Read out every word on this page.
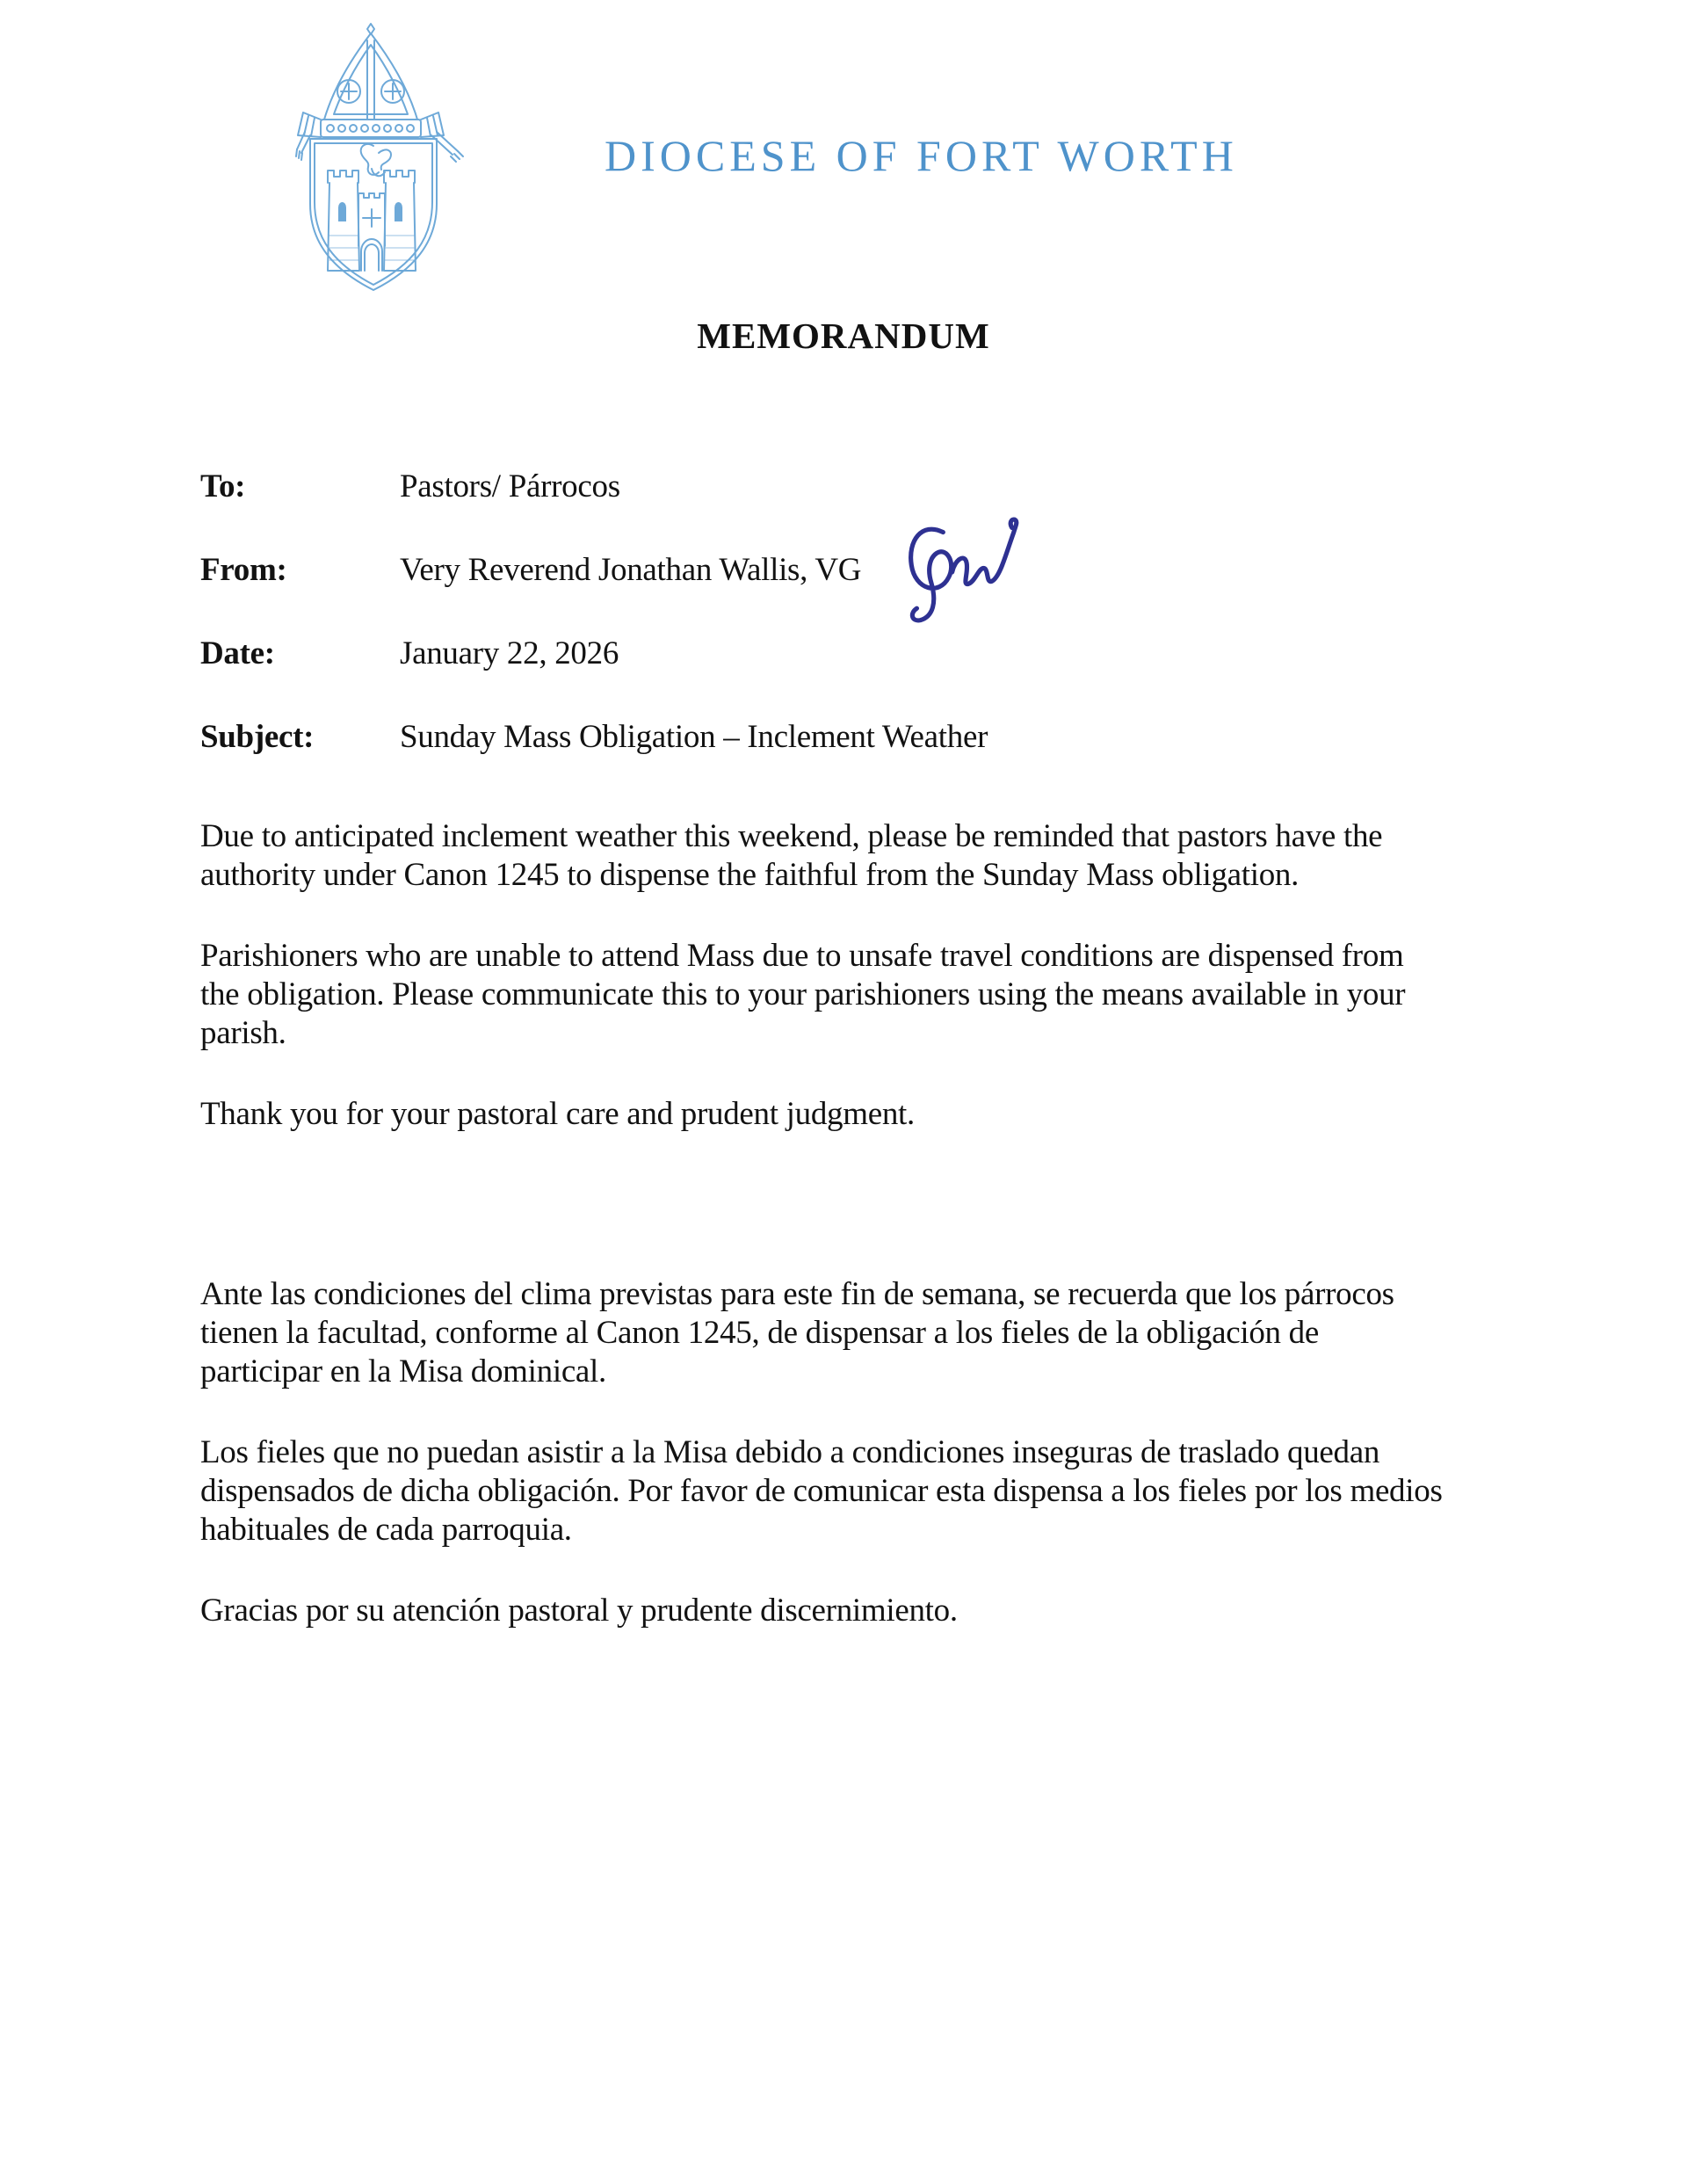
DIOCESE OF FORT WORTH
MEMORANDUM
To:	Pastors/ Párrocos
From:	Very Reverend Jonathan Wallis, VG
Date:	January 22, 2026
Subject:	Sunday Mass Obligation – Inclement Weather
Due to anticipated inclement weather this weekend, please be reminded that pastors have the
authority under Canon 1245 to dispense the faithful from the Sunday Mass obligation.
Parishioners who are unable to attend Mass due to unsafe travel conditions are dispensed from
the obligation. Please communicate this to your parishioners using the means available in your
parish.
Thank you for your pastoral care and prudent judgment.
Ante las condiciones del clima previstas para este fin de semana, se recuerda que los párrocos
tienen la facultad, conforme al Canon 1245, de dispensar a los fieles de la obligación de
participar en la Misa dominical.
Los fieles que no puedan asistir a la Misa debido a condiciones inseguras de traslado quedan
dispensados de dicha obligación. Por favor de comunicar esta dispensa a los fieles por los medios
habituales de cada parroquia.
Gracias por su atención pastoral y prudente discernimiento.
